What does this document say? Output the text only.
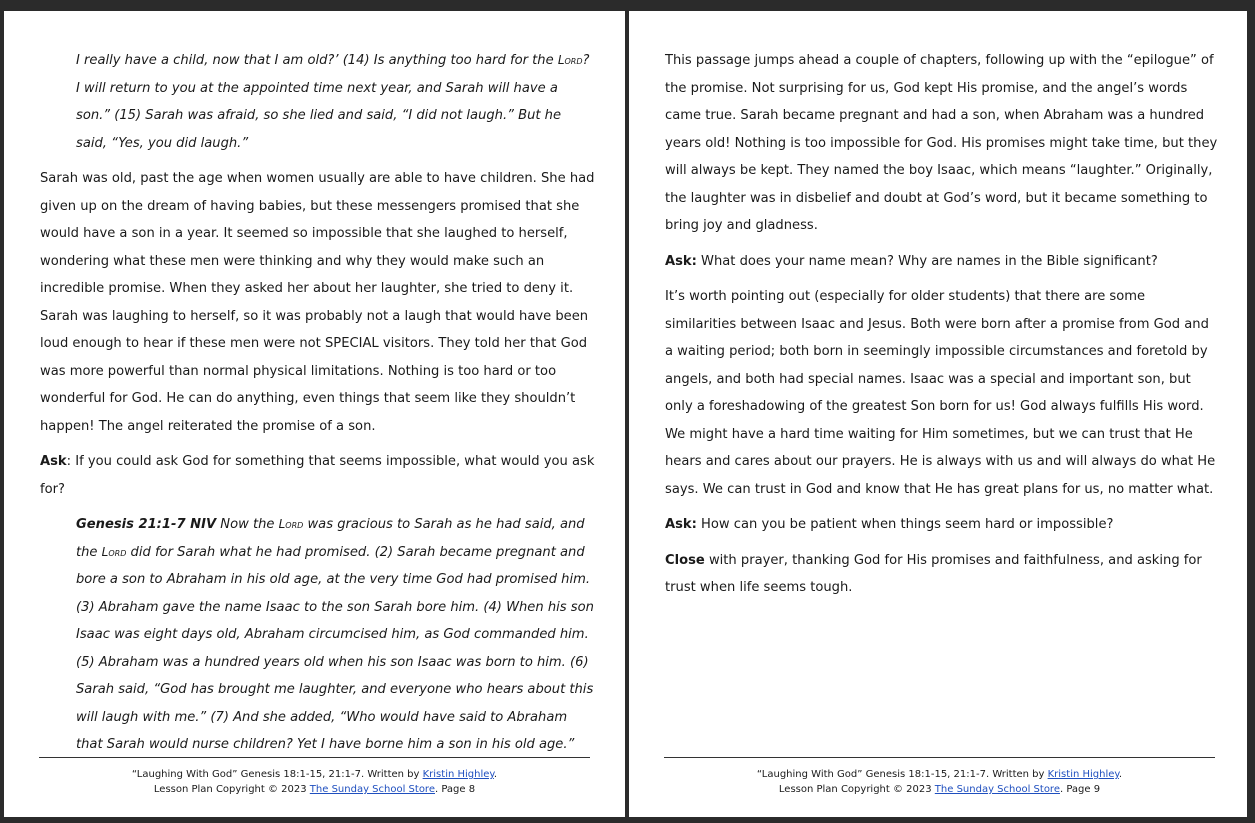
I really have a child, now that I am old?’ (14) Is anything too hard for the Lord? I will return to you at the appointed time next year, and Sarah will have a son.” (15) Sarah was afraid, so she lied and said, “I did not laugh.” But he said, “Yes, you did laugh.”

Sarah was old, past the age when women usually are able to have children. She had given up on the dream of having babies, but these messengers promised that she would have a son in a year. It seemed so impossible that she laughed to herself, wondering what these men were thinking and why they would make such an incredible promise. When they asked her about her laughter, she tried to deny it. Sarah was laughing to herself, so it was probably not a laugh that would have been loud enough to hear if these men were not SPECIAL visitors. They told her that God was more powerful than normal physical limitations. Nothing is too hard or too wonderful for God. He can do anything, even things that seem like they shouldn’t happen! The angel reiterated the promise of a son.

Ask: If you could ask God for something that seems impossible, what would you ask for?

Genesis 21:1-7 NIV Now the Lord was gracious to Sarah as he had said, and the Lord did for Sarah what he had promised. (2) Sarah became pregnant and bore a son to Abraham in his old age, at the very time God had promised him. (3) Abraham gave the name Isaac to the son Sarah bore him. (4) When his son Isaac was eight days old, Abraham circumcised him, as God commanded him. (5) Abraham was a hundred years old when his son Isaac was born to him. (6) Sarah said, “God has brought me laughter, and everyone who hears about this will laugh with me.” (7) And she added, “Who would have said to Abraham that Sarah would nurse children? Yet I have borne him a son in his old age.”

“Laughing With God” Genesis 18:1-15, 21:1-7. Written by Kristin Highley.
Lesson Plan Copyright © 2023 The Sunday School Store. Page 8

This passage jumps ahead a couple of chapters, following up with the “epilogue” of the promise. Not surprising for us, God kept His promise, and the angel’s words came true. Sarah became pregnant and had a son, when Abraham was a hundred years old! Nothing is too impossible for God. His promises might take time, but they will always be kept. They named the boy Isaac, which means “laughter.” Originally, the laughter was in disbelief and doubt at God’s word, but it became something to bring joy and gladness.

Ask: What does your name mean? Why are names in the Bible significant?

It’s worth pointing out (especially for older students) that there are some similarities between Isaac and Jesus. Both were born after a promise from God and a waiting period; both born in seemingly impossible circumstances and foretold by angels, and both had special names. Isaac was a special and important son, but only a foreshadowing of the greatest Son born for us! God always fulfills His word. We might have a hard time waiting for Him sometimes, but we can trust that He hears and cares about our prayers. He is always with us and will always do what He says. We can trust in God and know that He has great plans for us, no matter what.

Ask: How can you be patient when things seem hard or impossible?

Close with prayer, thanking God for His promises and faithfulness, and asking for trust when life seems tough.

“Laughing With God” Genesis 18:1-15, 21:1-7. Written by Kristin Highley.
Lesson Plan Copyright © 2023 The Sunday School Store. Page 9
